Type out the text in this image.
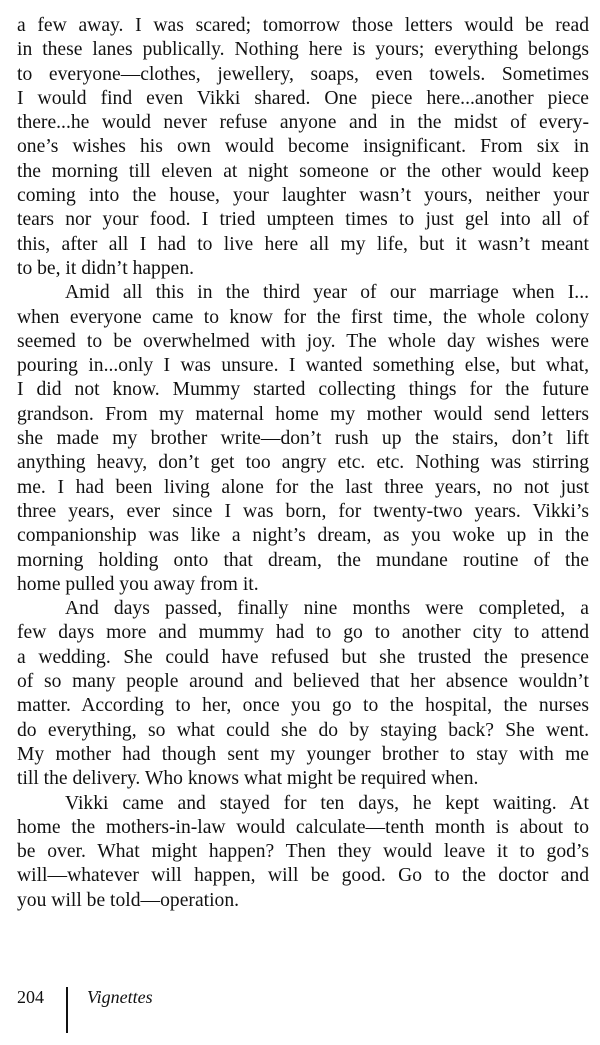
a few away. I was scared; tomorrow those letters would be read
in these lanes publically. Nothing here is yours; everything belongs
to everyone—clothes, jewellery, soaps, even towels. Sometimes
I would find even Vikki shared. One piece here...another piece
there...he would never refuse anyone and in the midst of every-
one’s wishes his own would become insignificant. From six in
the morning till eleven at night someone or the other would keep
coming into the house, your laughter wasn’t yours, neither your
tears nor your food. I tried umpteen times to just gel into all of
this, after all I had to live here all my life, but it wasn’t meant
to be, it didn’t happen.
Amid all this in the third year of our marriage when I...
when everyone came to know for the first time, the whole colony
seemed to be overwhelmed with joy. The whole day wishes were
pouring in...only I was unsure. I wanted something else, but what,
I did not know. Mummy started collecting things for the future
grandson. From my maternal home my mother would send letters
she made my brother write—don’t rush up the stairs, don’t lift
anything heavy, don’t get too angry etc. etc. Nothing was stirring
me. I had been living alone for the last three years, no not just
three years, ever since I was born, for twenty-two years. Vikki’s
companionship was like a night’s dream, as you woke up in the
morning holding onto that dream, the mundane routine of the
home pulled you away from it.
And days passed, finally nine months were completed, a
few days more and mummy had to go to another city to attend
a wedding. She could have refused but she trusted the presence
of so many people around and believed that her absence wouldn’t
matter. According to her, once you go to the hospital, the nurses
do everything, so what could she do by staying back? She went.
My mother had though sent my younger brother to stay with me
till the delivery. Who knows what might be required when.
Vikki came and stayed for ten days, he kept waiting. At
home the mothers-in-law would calculate—tenth month is about to
be over. What might happen? Then they would leave it to god’s
will—whatever will happen, will be good. Go to the doctor and
you will be told—operation.
204 Vignettes
